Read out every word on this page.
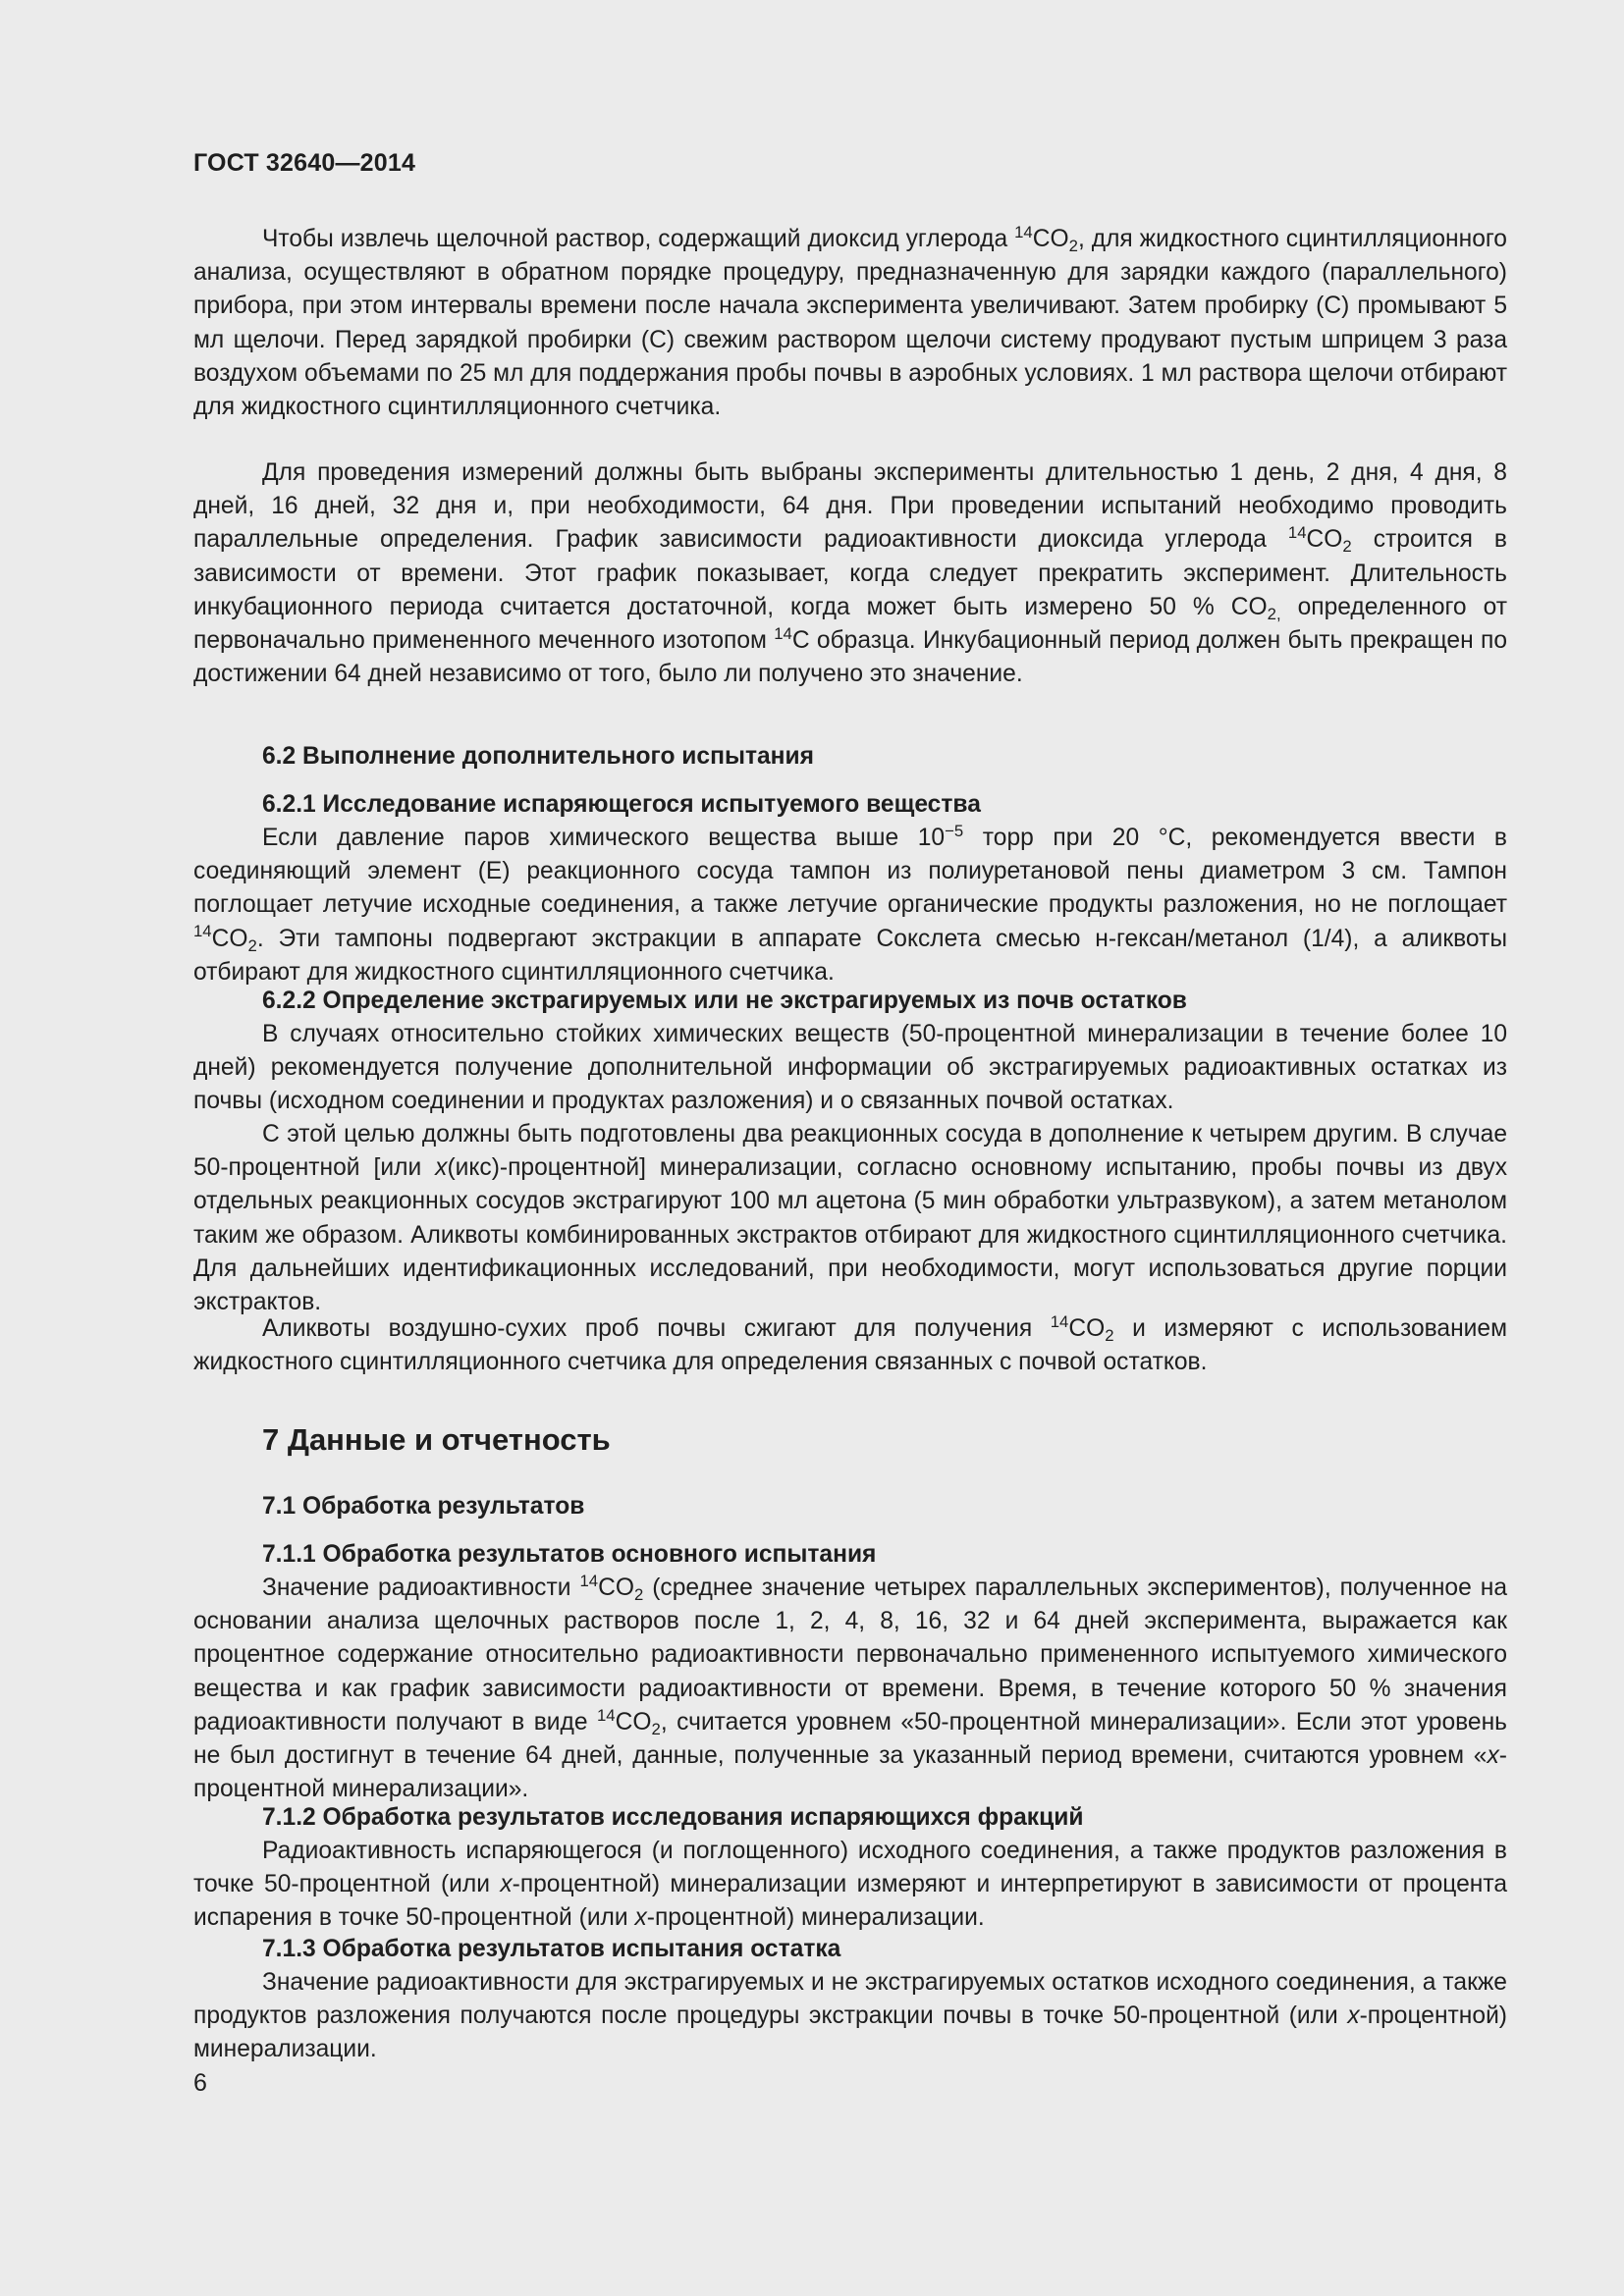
ГОСТ 32640—2014

Чтобы извлечь щелочной раствор, содержащий диоксид углерода $^{14}CO_2$, для жидкостного сцинтилляционного анализа, осуществляют в обратном порядке процедуру, предназначенную для зарядки каждого (параллельного) прибора, при этом интервалы времени после начала эксперимента увеличивают. Затем пробирку (С) промывают 5 мл щелочи. Перед зарядкой пробирки (С) свежим раствором щелочи систему продувают пустым шприцем 3 раза воздухом объемами по 25 мл для поддержания пробы почвы в аэробных условиях. 1 мл раствора щелочи отбирают для жидкостного сцинтилляционного счетчика.

Для проведения измерений должны быть выбраны эксперименты длительностью 1 день, 2 дня, 4 дня, 8 дней, 16 дней, 32 дня и, при необходимости, 64 дня. При проведении испытаний необходимо проводить параллельные определения. График зависимости радиоактивности диоксида углерода $^{14}CO_2$ строится в зависимости от времени. Этот график показывает, когда следует прекратить эксперимент. Длительность инкубационного периода считается достаточной, когда может быть измерено 50 % $CO_{2,}$ определенного от первоначально примененного меченного изотопом $^{14}$C образца. Инкубационный период должен быть прекращен по достижении 64 дней независимо от того, было ли получено это значение.

6.2 Выполнение дополнительного испытания
6.2.1 Исследование испаряющегося испытуемого вещества

Если давление паров химического вещества выше $10^{-5}$ торр при 20 °C, рекомендуется ввести в соединяющий элемент (Е) реакционного сосуда тампон из полиуретановой пены диаметром 3 см. Тампон поглощает летучие исходные соединения, а также летучие органические продукты разложения, но не поглощает $^{14}CO_2$. Эти тампоны подвергают экстракции в аппарате Сокслета смесью н-гексан/метанол (1/4), а аликвоты отбирают для жидкостного сцинтилляционного счетчика.

6.2.2 Определение экстрагируемых или не экстрагируемых из почв остатков

В случаях относительно стойких химических веществ (50-процентной минерализации в течение более 10 дней) рекомендуется получение дополнительной информации об экстрагируемых радиоактивных остатках из почвы (исходном соединении и продуктах разложения) и о связанных почвой остатках.

С этой целью должны быть подготовлены два реакционных сосуда в дополнение к четырем другим. В случае 50-процентной [или x(икс)-процентной] минерализации, согласно основному испытанию, пробы почвы из двух отдельных реакционных сосудов экстрагируют 100 мл ацетона (5 мин обработки ультразвуком), а затем метанолом таким же образом. Аликвоты комбинированных экстрактов отбирают для жидкостного сцинтилляционного счетчика. Для дальнейших идентификационных исследований, при необходимости, могут использоваться другие порции экстрактов.

Аликвоты воздушно-сухих проб почвы сжигают для получения $^{14}CO_2$ и измеряют с использованием жидкостного сцинтилляционного счетчика для определения связанных с почвой остатков.

7 Данные и отчетность
7.1 Обработка результатов
7.1.1 Обработка результатов основного испытания

Значение радиоактивности $^{14}CO_2$ (среднее значение четырех параллельных экспериментов), полученное на основании анализа щелочных растворов после 1, 2, 4, 8, 16, 32 и 64 дней эксперимента, выражается как процентное содержание относительно радиоактивности первоначально примененного испытуемого химического вещества и как график зависимости радиоактивности от времени. Время, в течение которого 50 % значения радиоактивности получают в виде $^{14}CO_2$, считается уровнем «50-процентной минерализации». Если этот уровень не был достигнут в течение 64 дней, данные, полученные за указанный период времени, считаются уровнем «x-процентной минерализации».

7.1.2 Обработка результатов исследования испаряющихся фракций

Радиоактивность испаряющегося (и поглощенного) исходного соединения, а также продуктов разложения в точке 50-процентной (или x-процентной) минерализации измеряют и интерпретируют в зависимости от процента испарения в точке 50-процентной (или x-процентной) минерализации.

7.1.3 Обработка результатов испытания остатка

Значение радиоактивности для экстрагируемых и не экстрагируемых остатков исходного соединения, а также продуктов разложения получаются после процедуры экстракции почвы в точке 50-процентной (или x-процентной) минерализации.

6
